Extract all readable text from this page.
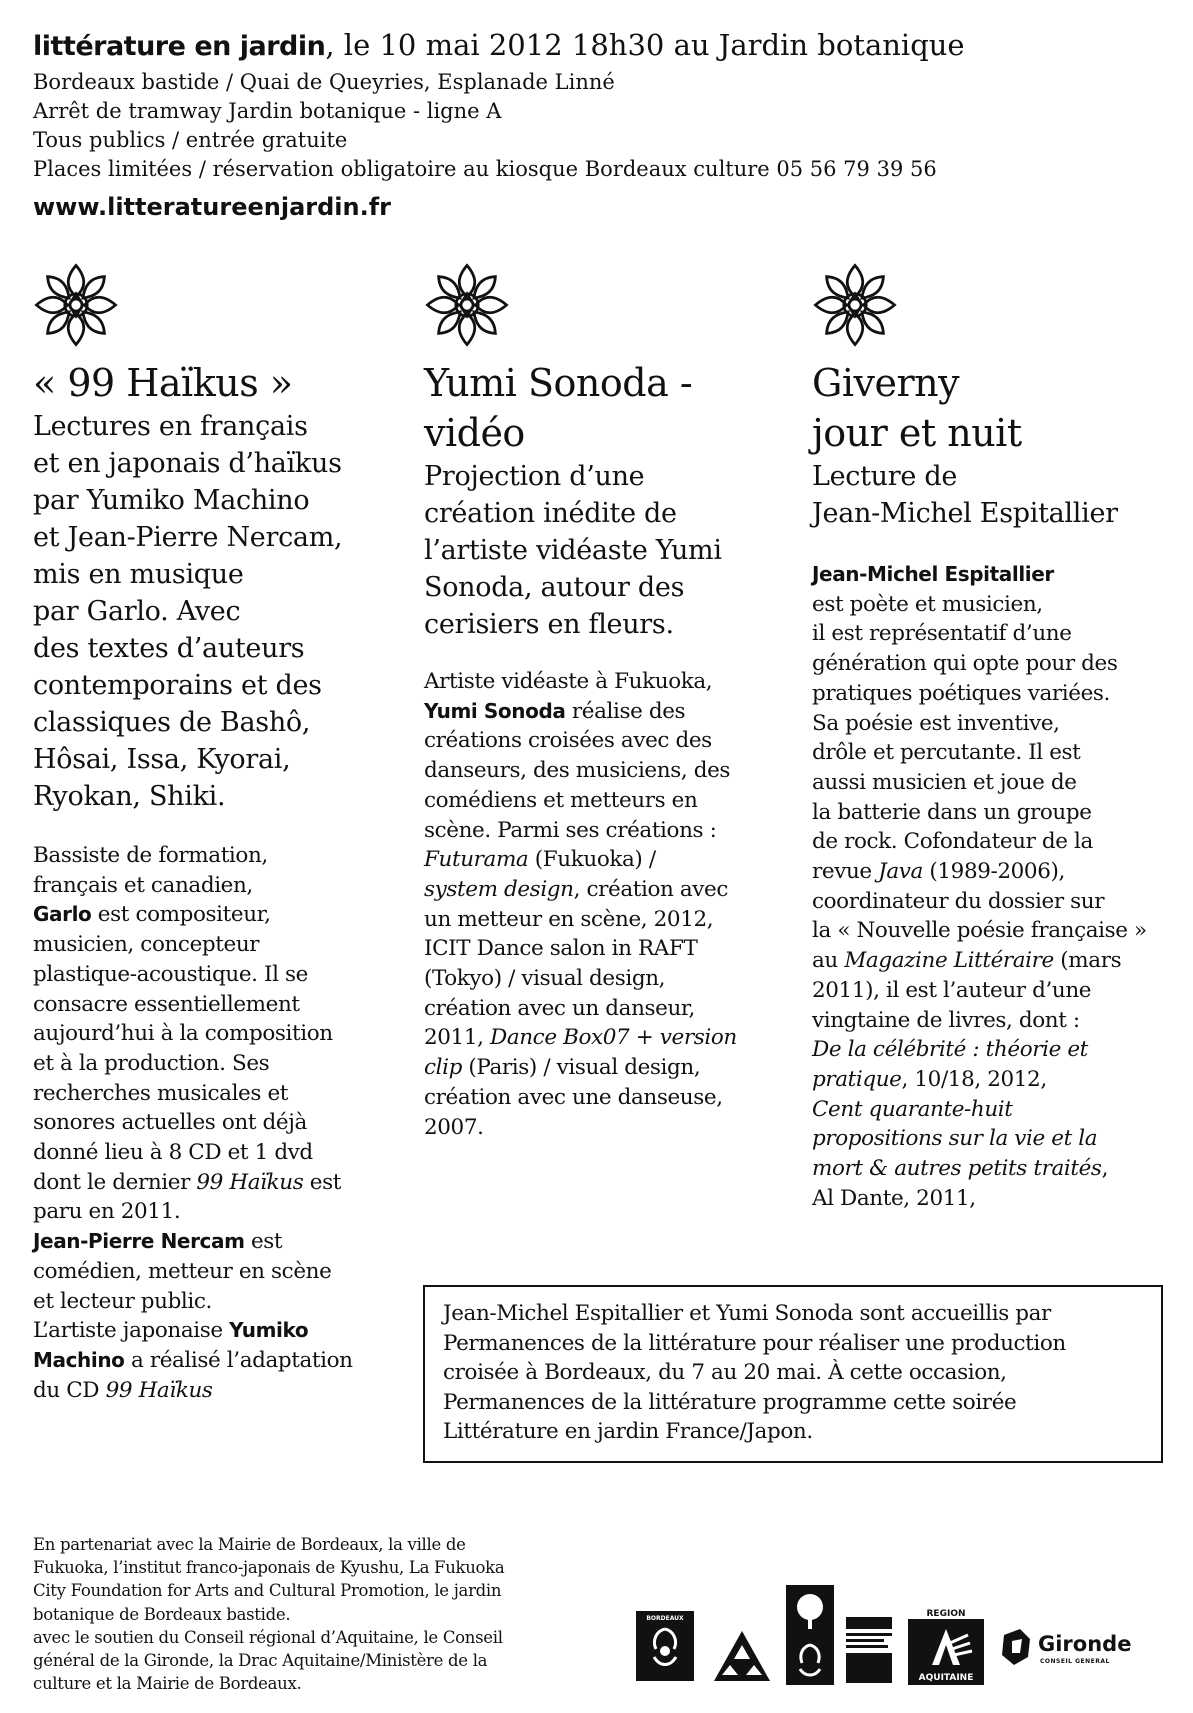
littérature en jardin, le 10 mai 2012 18h30 au Jardin botanique
Bordeaux bastide / Quai de Queyries, Esplanade Linné
Arrêt de tramway Jardin botanique - ligne A
Tous publics / entrée gratuite
Places limitées / réservation obligatoire au kiosque Bordeaux culture 05 56 79 39 56
www.litteratureenjardin.fr
« 99 Haïkus »

Lectures en français

et en japonais d’haïkus

par Yumiko Machino

et Jean-Pierre Nercam,

mis en musique

par Garlo. Avec

des textes d’auteurs

contemporains et des

classiques de Bashô,

Hôsai, Issa, Kyorai,

Ryokan, Shiki.

Bassiste de formation,

français et canadien,

Garlo est compositeur,

musicien, concepteur

plastique-acoustique. Il se

consacre essentiellement

aujourd’hui à la composition

et à la production. Ses

recherches musicales et

sonores actuelles ont déjà

donné lieu à 8 CD et 1 dvd

dont le dernier 99 Haïkus est

paru en 2011.

Jean-Pierre Nercam est

comédien, metteur en scène

et lecteur public.

L’artiste japonaise Yumiko

Machino a réalisé l’adaptation

du CD 99 Haïkus

Yumi Sonoda -
vidéo

Projection d’une

création inédite de

l’artiste vidéaste Yumi

Sonoda, autour des

cerisiers en fleurs.

Artiste vidéaste à Fukuoka,

Yumi Sonoda réalise des

créations croisées avec des

danseurs, des musiciens, des

comédiens et metteurs en

scène. Parmi ses créations :

Futurama (Fukuoka) /

system design, création avec

un metteur en scène, 2012,

ICIT Dance salon in RAFT

(Tokyo) / visual design,

création avec un danseur,

2011, Dance Box07 + version

clip (Paris) / visual design,

création avec une danseuse,

2007.

Giverny
jour et nuit

Lecture de

Jean-Michel Espitallier

Jean-Michel Espitallier

est poète et musicien,

il est représentatif d’une

génération qui opte pour des

pratiques poétiques variées.

Sa poésie est inventive,

drôle et percutante. Il est

aussi musicien et joue de

la batterie dans un groupe

de rock. Cofondateur de la

revue Java (1989-2006),

coordinateur du dossier sur

la « Nouvelle poésie française »

au Magazine Littéraire (mars

2011), il est l’auteur d’une

vingtaine de livres, dont :

De la célébrité : théorie et

pratique, 10/18, 2012,

Cent quarante-huit

propositions sur la vie et la

mort & autres petits traités,

Al Dante, 2011,

Jean-Michel Espitallier et Yumi Sonoda sont accueillis par
Permanences de la littérature pour réaliser une production
croisée à Bordeaux, du 7 au 20 mai. À cette occasion,
Permanences de la littérature programme cette soirée
Littérature en jardin France/Japon.
En partenariat avec la Mairie de Bordeaux, la ville de
Fukuoka, l’institut franco-japonais de Kyushu, La Fukuoka
City Foundation for Arts and Cultural Promotion, le jardin
botanique de Bordeaux bastide.
avec le soutien du Conseil régional d’Aquitaine, le Conseil
général de la Gironde, la Drac Aquitaine/Ministère de la
culture et la Mairie de Bordeaux.
BORDEAUX	REGION
AQUITAINE
Gironde
CONSEIL GENERAL
